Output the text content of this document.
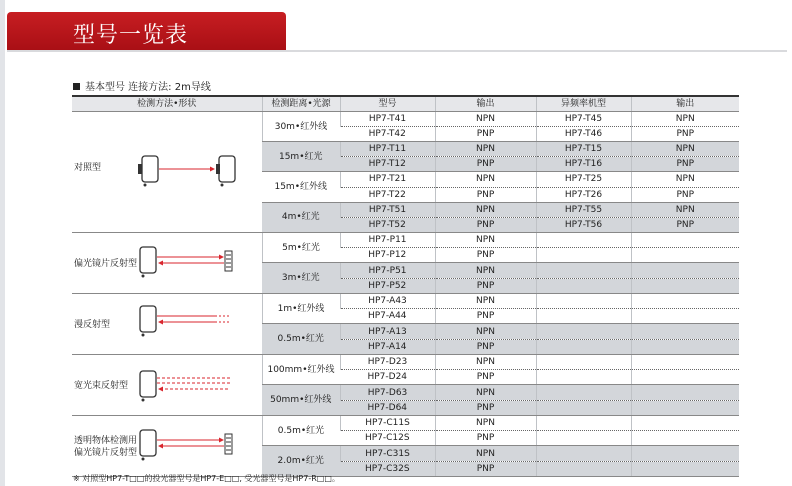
型号一览表
基本型号 连接方法: 2m导线
检测方法•形状	检测距离•光源	型号	输出	异频率机型	输出

对照型	30m•红外线	HP7-T41	NPN	HP7-T45	NPN
		HP7-T42	PNP	HP7-T46	PNP
	15m•红光	HP7-T11	NPN	HP7-T15	NPN
		HP7-T12	PNP	HP7-T16	PNP
	15m•红外线	HP7-T21	NPN	HP7-T25	NPN
		HP7-T22	PNP	HP7-T26	PNP
	4m•红光	HP7-T51	NPN	HP7-T55	NPN
		HP7-T52	PNP	HP7-T56	PNP

偏光镜片反射型	5m•红光	HP7-P11	NPN		
		HP7-P12	PNP		
	3m•红光	HP7-P51	NPN		
		HP7-P52	PNP		

漫反射型	1m•红外线	HP7-A43	NPN		
		HP7-A44	PNP		
	0.5m•红光	HP7-A13	NPN		
		HP7-A14	PNP		

宽光束反射型	100mm•红外线	HP7-D23	NPN		
		HP7-D24	PNP		
	50mm•红外线	HP7-D63	NPN		
		HP7-D64	PNP		

透明物体检测用
偏光镜片反射型	0.5m•红光	HP7-C11S	NPN		
		HP7-C12S	PNP		
	2.0m•红光	HP7-C31S	NPN		
		HP7-C32S	PNP		
※ 对照型HP7-T□□的投光器型号是HP7-E□□, 受光器型号是HP7-R□□。
